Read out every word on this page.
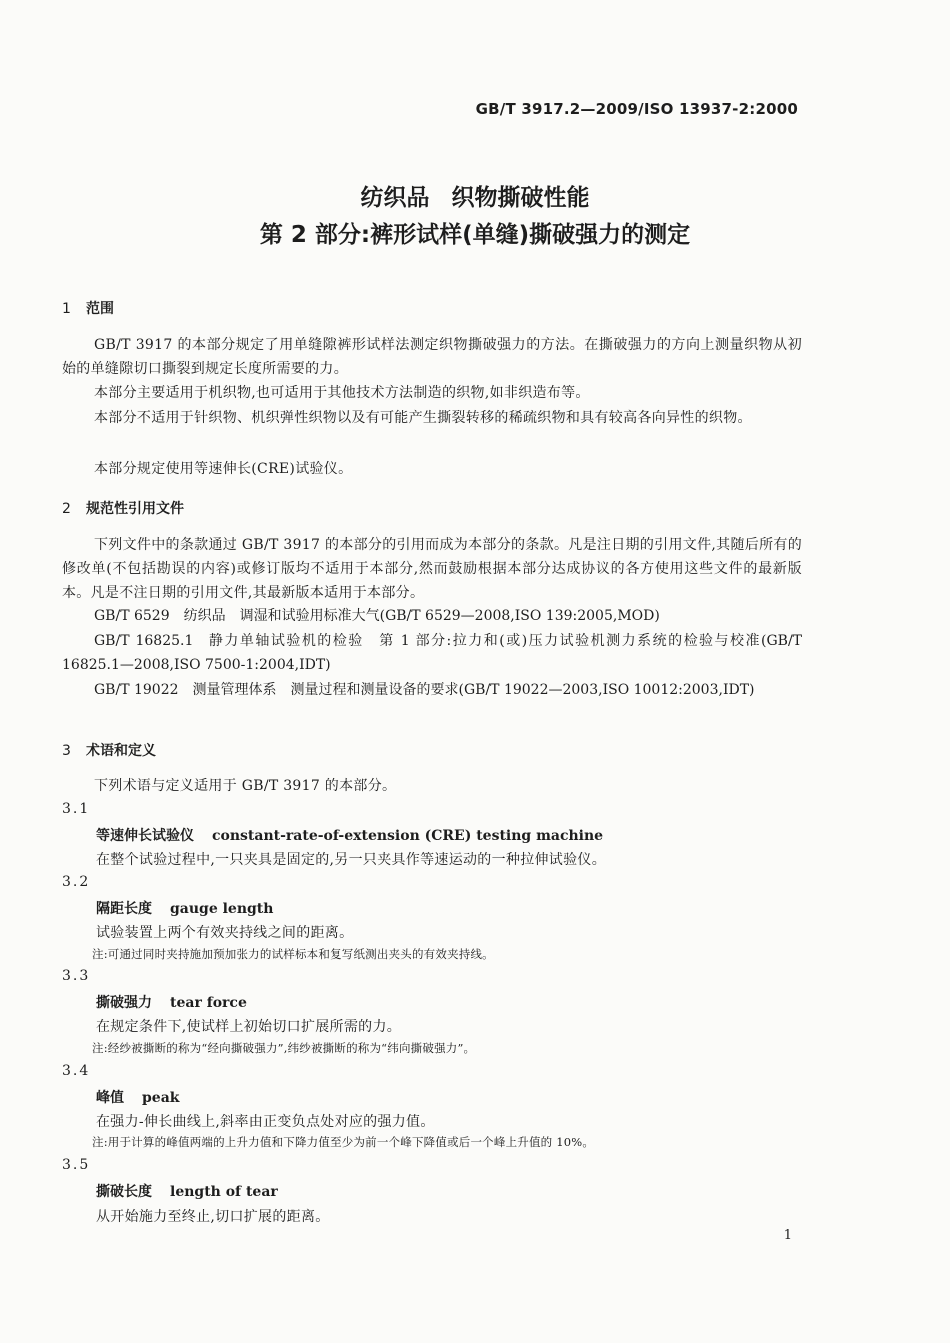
GB/T 3917.2—2009/ISO 13937-2:2000
纺织品 织物撕破性能
第 2 部分:裤形试样(单缝)撕破强力的测定
1 范围
GB/T 3917 的本部分规定了用单缝隙裤形试样法测定织物撕破强力的方法。在撕破强力的方向上测量织物从初始的单缝隙切口撕裂到规定长度所需要的力。
本部分主要适用于机织物,也可适用于其他技术方法制造的织物,如非织造布等。
本部分不适用于针织物、机织弹性织物以及有可能产生撕裂转移的稀疏织物和具有较高各向异性的织物。
本部分规定使用等速伸长(CRE)试验仪。
2 规范性引用文件
下列文件中的条款通过 GB/T 3917 的本部分的引用而成为本部分的条款。凡是注日期的引用文件,其随后所有的修改单(不包括勘误的内容)或修订版均不适用于本部分,然而鼓励根据本部分达成协议的各方使用这些文件的最新版本。凡是不注日期的引用文件,其最新版本适用于本部分。
GB/T 6529 纺织品 调湿和试验用标准大气(GB/T 6529—2008,ISO 139:2005,MOD)
GB/T 16825.1 静力单轴试验机的检验 第 1 部分:拉力和(或)压力试验机测力系统的检验与校准(GB/T 16825.1—2008,ISO 7500-1:2004,IDT)
GB/T 19022 测量管理体系 测量过程和测量设备的要求(GB/T 19022—2003,ISO 10012:2003,IDT)
3 术语和定义
下列术语与定义适用于 GB/T 3917 的本部分。
3.1
等速伸长试验仪 constant-rate-of-extension (CRE) testing machine
在整个试验过程中,一只夹具是固定的,另一只夹具作等速运动的一种拉伸试验仪。
3.2
隔距长度 gauge length
试验装置上两个有效夹持线之间的距离。
注:可通过同时夹持施加预加张力的试样标本和复写纸测出夹头的有效夹持线。
3.3
撕破强力 tear force
在规定条件下,使试样上初始切口扩展所需的力。
注:经纱被撕断的称为“经向撕破强力”,纬纱被撕断的称为“纬向撕破强力”。
3.4
峰值 peak
在强力-伸长曲线上,斜率由正变负点处对应的强力值。
注:用于计算的峰值两端的上升力值和下降力值至少为前一个峰下降值或后一个峰上升值的 10%。
3.5
撕破长度 length of tear
从开始施力至终止,切口扩展的距离。
1
